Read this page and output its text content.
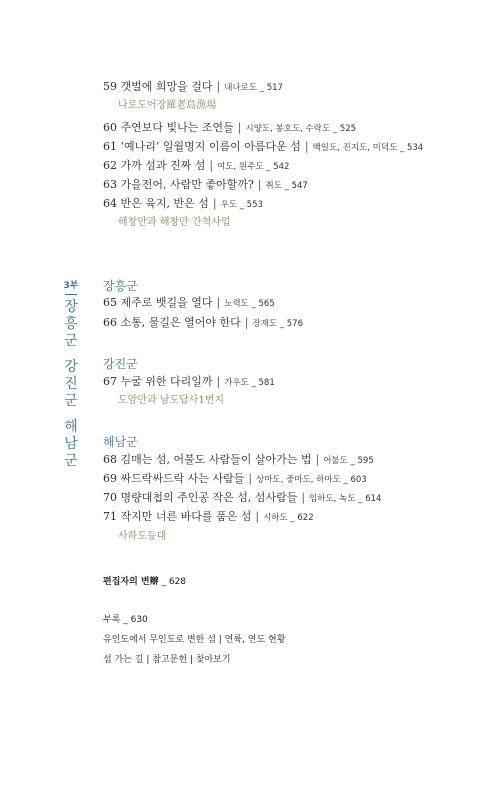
59 갯벌에 희망을 걸다 | 내나로도 _ 517
나로도어장羅老島漁場
60 주연보다 빛나는 조연들 | 시양도, 봉호도, 수락도 _ 525
61 ‘예나리’ 일월명지 이름이 아름다운 섬 | 백일도, 진지도, 미덕도 _ 534
62 가까 섬과 진짜 섬 | 여도, 원주도 _ 542
63 가을전어, 사람만 좋아할까? | 취도 _ 547
64 반은 육지, 반은 섬 | 우도 _ 553
해창만과 해창만 간척사업
3부
장
흥
군
강
진
군
해
남
군
장흥군
65 제주로 뱃길을 열다 | 노력도 _ 565
66 소통, 물길은 열어야 한다 | 장재도 _ 576
강진군
67 누굴 위한 다리일까 | 가우도 _ 581
도암만과 남도답사1번지
해남군
68 김매는 섬, 어불도 사람들이 살아가는 법 | 어불도 _ 595
69 싸드락싸드락 사는 사람들 | 상마도, 중마도, 하마도 _ 603
70 명량대첩의 주인공 작은 섬, 섬사람들 | 임하도, 녹도 _ 614
71 작지만 너른 바다를 품은 섬 | 시하도 _ 622
사하도등대
편집자의 변辯 _ 628
부록 _ 630
유인도에서 무인도로 변한 섬 | 연륙, 연도 현황
섬 가는 길 | 참고문헌 | 찾아보기
